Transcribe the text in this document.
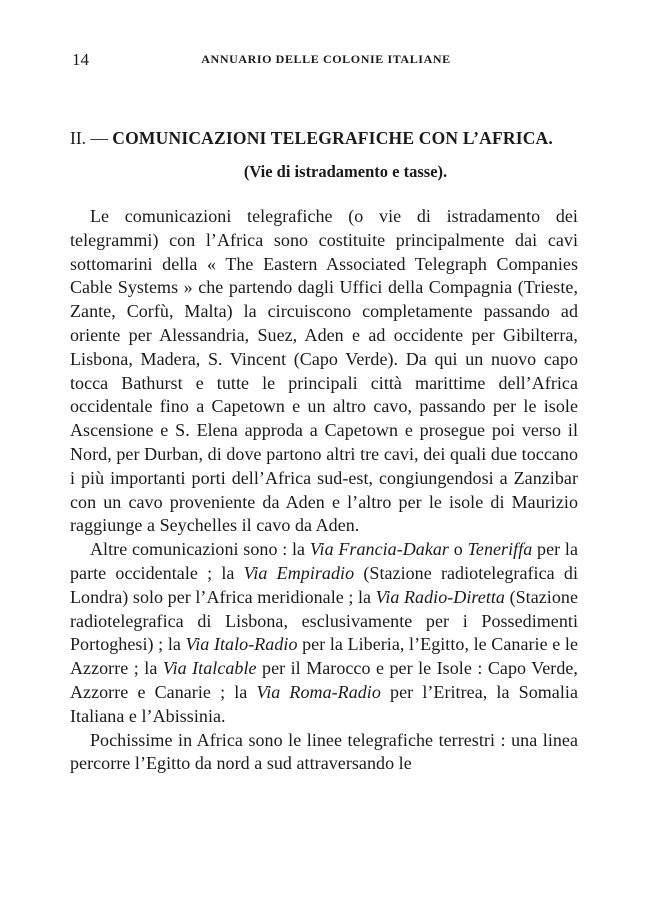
14	ANNUARIO DELLE COLONIE ITALIANE
II. — COMUNICAZIONI TELEGRAFICHE CON L’AFRICA.
(Vie di istradamento e tasse).

Le comunicazioni telegrafiche (o vie di istradamento dei telegrammi) con l’Africa sono costituite principalmente dai cavi sottomarini della « The Eastern Associated Telegraph Companies Cable Systems » che partendo dagli Uffici della Compagnia (Trieste, Zante, Corfù, Malta) la circuiscono completamente passando ad oriente per Alessandria, Suez, Aden e ad occidente per Gibilterra, Lisbona, Madera, S. Vincent (Capo Verde). Da qui un nuovo capo tocca Bathurst e tutte le principali città marittime dell’Africa occidentale fino a Capetown e un altro cavo, passando per le isole Ascensione e S. Elena approda a Capetown e prosegue poi verso il Nord, per Durban, di dove partono altri tre cavi, dei quali due toccano i più importanti porti dell’Africa sud-est, congiungendosi a Zanzibar con un cavo proveniente da Aden e l’altro per le isole di Maurizio raggiunge a Seychelles il cavo da Aden.

Altre comunicazioni sono : la Via Francia-Dakar o Teneriffa per la parte occidentale ; la Via Empiradio (Stazione radiotelegrafica di Londra) solo per l’Africa meridionale ; la Via Radio-Diretta (Stazione radiotelegrafica di Lisbona, esclusivamente per i Possedimenti Portoghesi) ; la Via Italo-Radio per la Liberia, l’Egitto, le Canarie e le Azzorre ; la Via Italcable per il Marocco e per le Isole : Capo Verde, Azzorre e Canarie ; la Via Roma-Radio per l’Eritrea, la Somalia Italiana e l’Abissinia.

Pochissime in Africa sono le linee telegrafiche terrestri : una linea percorre l’Egitto da nord a sud attraversando le
